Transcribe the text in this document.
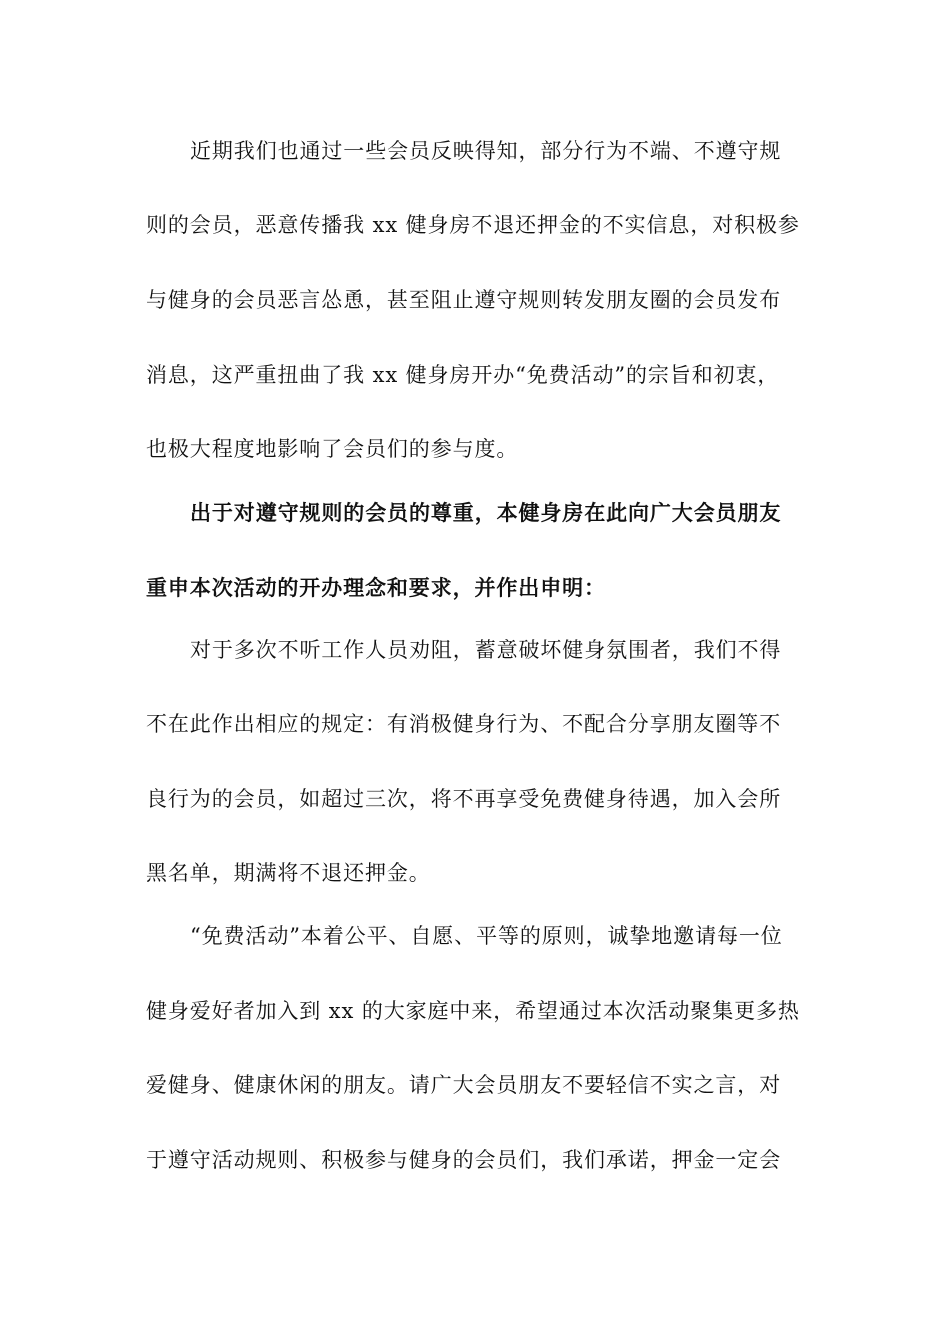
近期我们也通过一些会员反映得知，部分行为不端、不遵守规
则的会员，恶意传播我 xx 健身房不退还押金的不实信息，对积极参
与健身的会员恶言怂恿，甚至阻止遵守规则转发朋友圈的会员发布
消息，这严重扭曲了我 xx 健身房开办“免费活动”的宗旨和初衷，
也极大程度地影响了会员们的参与度。
出于对遵守规则的会员的尊重，本健身房在此向广大会员朋友
重申本次活动的开办理念和要求，并作出申明：
对于多次不听工作人员劝阻，蓄意破坏健身氛围者，我们不得
不在此作出相应的规定：有消极健身行为、不配合分享朋友圈等不
良行为的会员，如超过三次，将不再享受免费健身待遇，加入会所
黑名单，期满将不退还押金。
“免费活动”本着公平、自愿、平等的原则，诚挚地邀请每一位
健身爱好者加入到 xx 的大家庭中来，希望通过本次活动聚集更多热
爱健身、健康休闲的朋友。请广大会员朋友不要轻信不实之言，对
于遵守活动规则、积极参与健身的会员们，我们承诺，押金一定会
